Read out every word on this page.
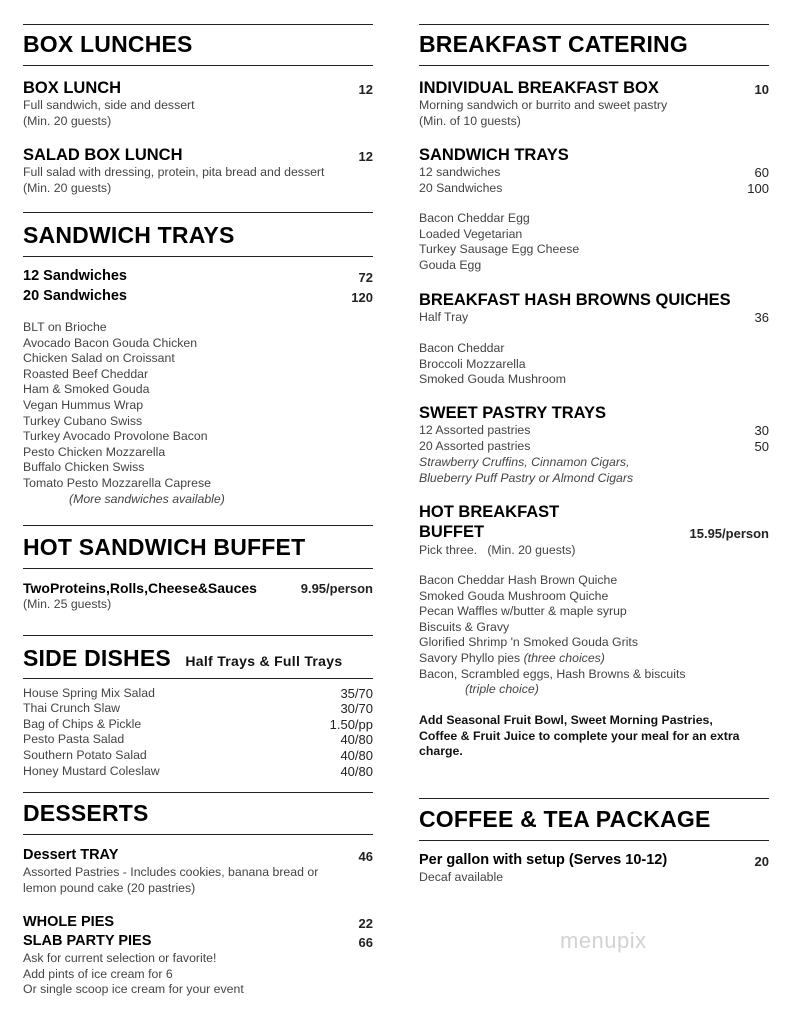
BOX LUNCHES
BOX LUNCH	12
Full sandwich, side and dessert
(Min. 20 guests)
SALAD BOX LUNCH	12
Full salad with dressing, protein, pita bread and dessert
(Min. 20 guests)
SANDWICH TRAYS
12 Sandwiches	72
20 Sandwiches	120
BLT on Brioche
Avocado Bacon Gouda Chicken
Chicken Salad on Croissant
Roasted Beef Cheddar
Ham & Smoked Gouda
Vegan Hummus Wrap
Turkey Cubano Swiss
Turkey Avocado Provolone Bacon
Pesto Chicken Mozzarella
Buffalo Chicken Swiss
Tomato Pesto Mozzarella Caprese
(More sandwiches available)
HOT SANDWICH BUFFET
TwoProteins,Rolls,Cheese&Sauces	9.95/person
(Min. 25 guests)
SIDE DISHES Half Trays & Full Trays
House Spring Mix Salad	35/70
Thai Crunch Slaw	30/70
Bag of Chips & Pickle	1.50/pp
Pesto Pasta Salad	40/80
Southern Potato Salad	40/80
Honey Mustard Coleslaw	40/80
DESSERTS
Dessert TRAY	46
Assorted Pastries - Includes cookies, banana bread or
lemon pound cake (20 pastries)
WHOLE PIES	22
SLAB PARTY PIES	66
Ask for current selection or favorite!
Add pints of ice cream for 6
Or single scoop ice cream for your event
BREAKFAST CATERING
INDIVIDUAL BREAKFAST BOX	10
Morning sandwich or burrito and sweet pastry
(Min. of 10 guests)
SANDWICH TRAYS
12 sandwiches	60
20 Sandwiches	100
Bacon Cheddar Egg
Loaded Vegetarian
Turkey Sausage Egg Cheese
Gouda Egg
BREAKFAST HASH BROWNS QUICHES
Half Tray	36
Bacon Cheddar
Broccoli Mozzarella
Smoked Gouda Mushroom
SWEET PASTRY TRAYS
12 Assorted pastries	30
20 Assorted pastries	50
Strawberry Cruffins, Cinnamon Cigars,
Blueberry Puff Pastry or Almond Cigars
HOT BREAKFAST
BUFFET	15.95/person
Pick three.   (Min. 20 guests)
Bacon Cheddar Hash Brown Quiche
Smoked Gouda Mushroom Quiche
Pecan Waffles w/butter & maple syrup
Biscuits & Gravy
Glorified Shrimp 'n Smoked Gouda Grits
Savory Phyllo pies (three choices)
Bacon, Scrambled eggs, Hash Browns & biscuits
(triple choice)
Add Seasonal Fruit Bowl, Sweet Morning Pastries,
Coffee & Fruit Juice to complete your meal for an extra
charge.
COFFEE & TEA PACKAGE
Per gallon with setup (Serves 10-12)	20
Decaf available
menupix
